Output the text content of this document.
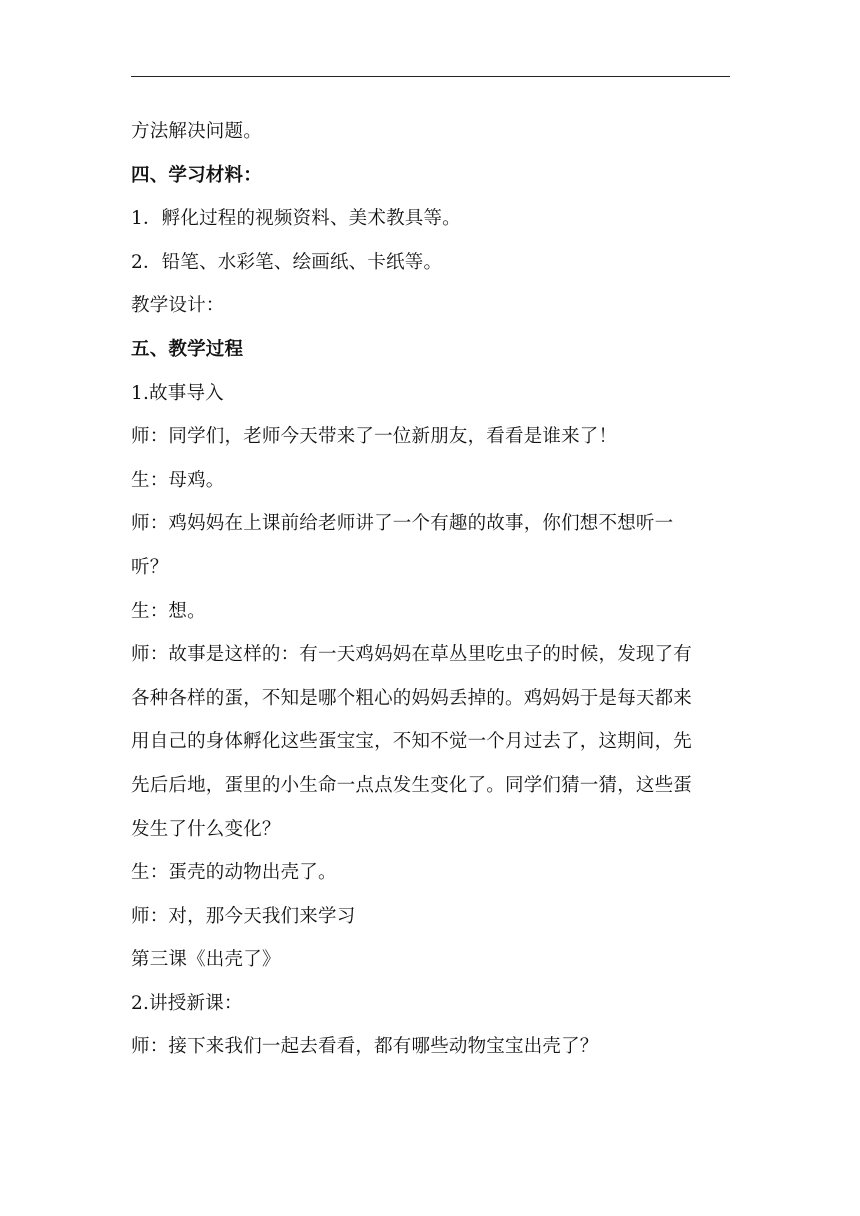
方法解决问题。
四、学习材料：
1．孵化过程的视频资料、美术教具等。
2．铅笔、水彩笔、绘画纸、卡纸等。
教学设计：
五、教学过程
1.故事导入
师：同学们，老师今天带来了一位新朋友，看看是谁来了！
生：母鸡。
师：鸡妈妈在上课前给老师讲了一个有趣的故事，你们想不想听一
听？
生：想。
师：故事是这样的：有一天鸡妈妈在草丛里吃虫子的时候，发现了有
各种各样的蛋，不知是哪个粗心的妈妈丢掉的。鸡妈妈于是每天都来
用自己的身体孵化这些蛋宝宝，不知不觉一个月过去了，这期间，先
先后后地，蛋里的小生命一点点发生变化了。同学们猜一猜，这些蛋
发生了什么变化？
生：蛋壳的动物出壳了。
师：对，那今天我们来学习
第三课《出壳了》
2.讲授新课：
师：接下来我们一起去看看，都有哪些动物宝宝出壳了？
